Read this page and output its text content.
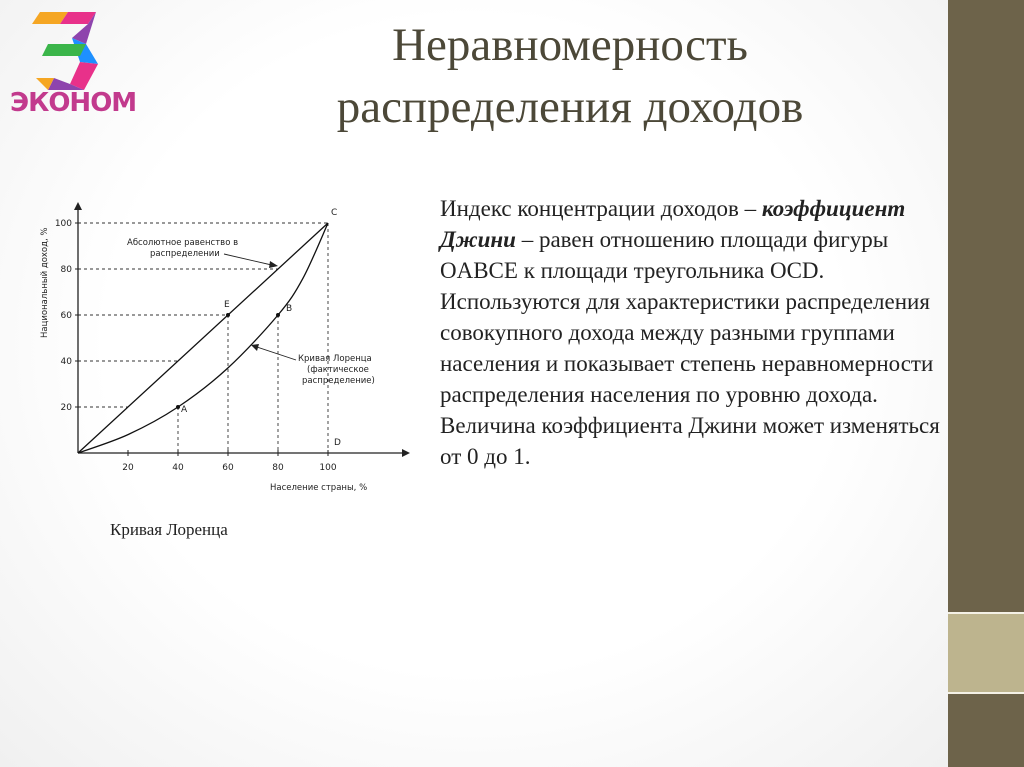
ЭКОНОМ
Неравномерность
распределения доходов
20
40
60
80
100
20	40	60	80	100
A
E	B
C
D
Абсолютное равенство в
распределении
Кривая Лоренца
(фактическое
распределение)
Население страны, %
Национальный доход, %
Кривая Лоренца

Индекс концентрации доходов – коэффициент Джини – равен отношению площади фигуры OABCE к площади треугольника OCD.

Используются для характеристики распределения совокупного дохода между разными группами населения и показывает степень неравномерности распределения населения по уровню дохода.

Величина коэффициента Джини может изменяться от 0 до 1.
